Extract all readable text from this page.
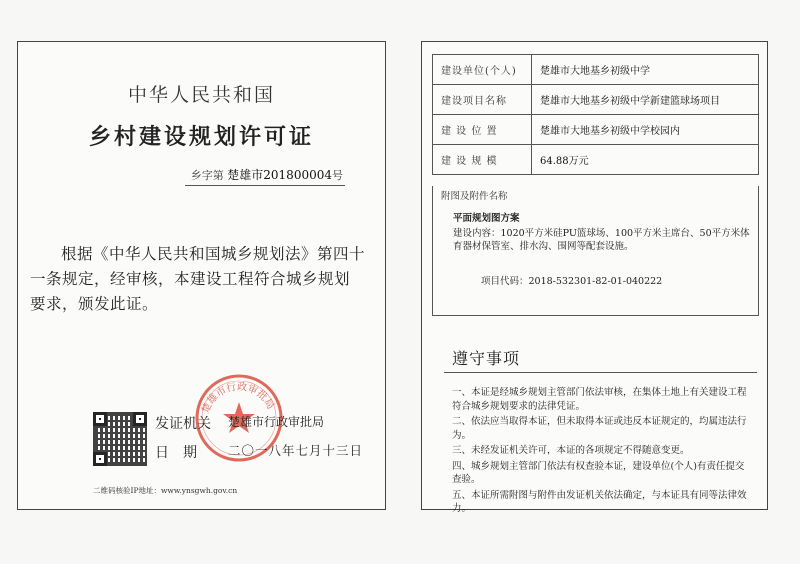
中华人民共和国
乡村建设规划许可证
乡字第 楚雄市201800004号
根据《中华人民共和国城乡规划法》第四十一条规定，经审核，本建设工程符合城乡规划要求，颁发此证。
楚雄市行政审批局
发证机关 楚雄市行政审批局
日期 二〇一八年七月十三日
二维码核验IP地址：www.ynsgwh.gov.cn
建设单位(个人)	楚雄市大地基乡初级中学
建设项目名称	楚雄市大地基乡初级中学新建篮球场项目
建 设 位 置	楚雄市大地基乡初级中学校园内
建 设 规 模	64.88万元
附图及附件名称
平面规划图方案
建设内容：1020平方米硅PU篮球场、100平方米主席台、50平方米体育器材保管室、排水沟、围网等配套设施。
项目代码：2018-532301-82-01-040222
遵守事项
一、本证是经城乡规划主管部门依法审核，在集体土地上有关建设工程符合城乡规划要求的法律凭证。
二、依法应当取得本证，但未取得本证或违反本证规定的，均属违法行为。
三、未经发证机关许可，本证的各项规定不得随意变更。
四、城乡规划主管部门依法有权查验本证，建设单位(个人)有责任提交查验。
五、本证所需附图与附件由发证机关依法确定，与本证具有同等法律效力。
